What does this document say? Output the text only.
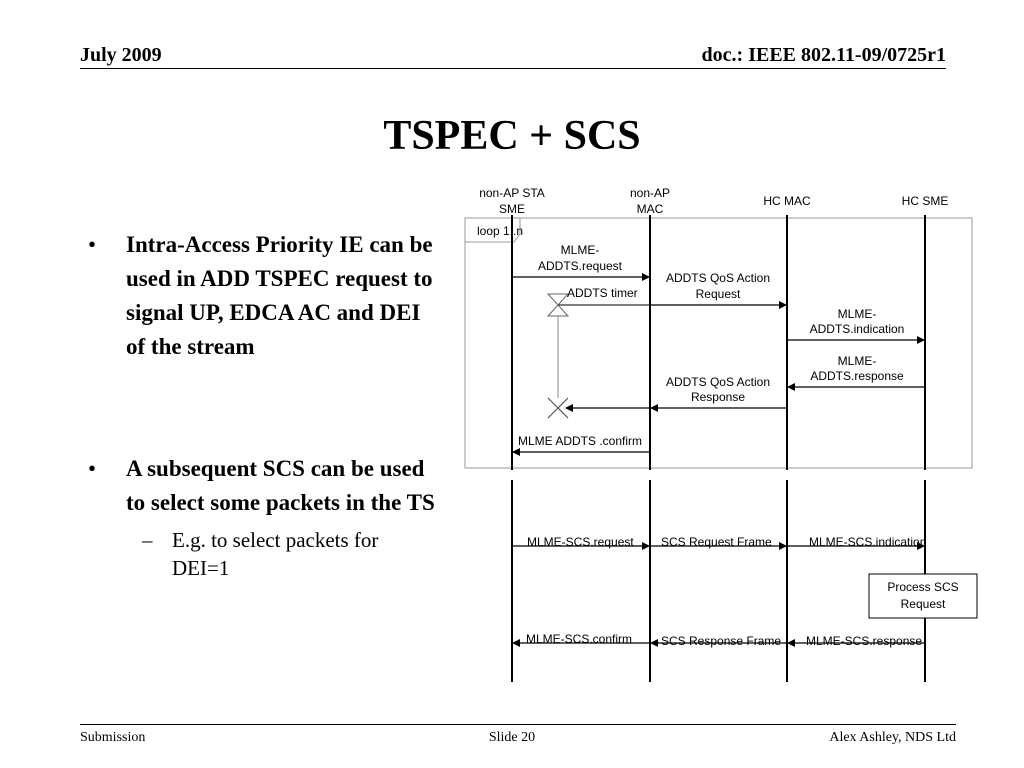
July 2009	doc.: IEEE 802.11-09/0725r1
TSPEC + SCS
• Intra-Access Priority IE can be used in ADD TSPEC request to signal UP, EDCA AC and DEI of the stream
• A subsequent SCS can be used to select some packets in the TS
– E.g. to select packets for DEI=1
non-AP STA
SME
non-AP
MAC
HC MAC	HC SME
loop 1..n
MLME-
ADDTS.request
ADDTS QoS Action
Request
ADDTS timer
MLME-
ADDTS.indication
MLME-
ADDTS.response
ADDTS QoS Action
Response
MLME ADDTS .confirm
MLME-SCS.request SCS Request Frame	MLME-SCS.indication
Process SCS
Request
MLME-SCS.confirm SCS Response Frame MLME-SCS.response
Submission	Slide 20	Alex Ashley, NDS Ltd
